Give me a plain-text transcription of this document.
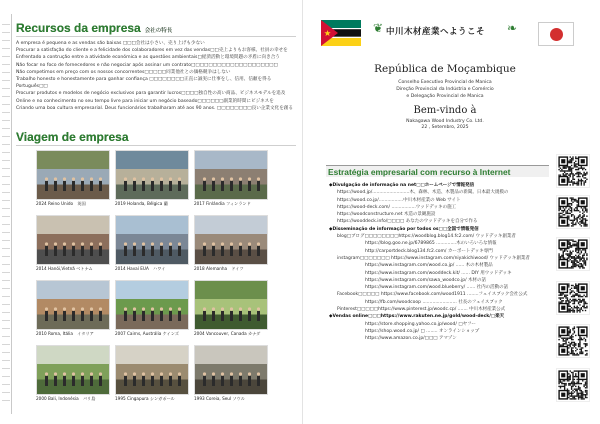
Recursos da empresa 会社の特長
A empresa é pequena e as vendas são baixas □□□会社は小さい、売り上げも少ない
Procurar a satisfação do cliente e a felicidade dos colaboradores em vez das vendas□□売上よりもお客様、社員の幸せを
Enfrentado a contrução entre a atividade económica e as questões ambientais□経済活動と環境問題の矛盾に向き合う
Não focar no foco de fornecedores e não negociar após assinar um contrato□□□□□□□□□□□□□□□□□□□□
Não competimos em preço com os nossos concorrentes□□□□□同業他社との価格競争はしない
Trabalho honesto e honestamente para ganhar confiança □□□□□□□□正直に誠実に仕事をし、信用、信頼を得る
Português□□
Procurar produtos e modelos de negócio exclusivos para garantir lucros□□□□独自性の高い商品、ビジネスモデルを追及
Online e no conhecimento no seu tempo livre para iniciar um negócio baseado□□□□□□副業的時間にビジネスを
Criando uma boa cultura empresarial. Deus funcionários trabalharam até aos 90 anos. □□□□□□□□良い企業文化を創る
Viagem de empresa
2024 Reino Unido　英国	2019 Holanda, Bélgica 蘭	2017 Finlândia フィンランド
2014 Hanói,Vietnã ベトナム	2014 Havaí EUA　ハワイ	2018 Alemanha　ドイツ
2010 Roma, Itália　イタリア	2007 Cairns, Austrália ケインズ	2004 Vancouver, Canada カナダ
2000 Bali, Indonésia　バリ島	1995 Cingapura シンガポール	1993 Coreia, Seul ソウル
❦ 中川木材産業へようこそ ❧
República de Moçambique
Conselho Executivo Provincial de Manica
Direção Provincial da Indústria e Comércio
e Delegação Provincial de Manica
Bem-vindo à
Nakagawa Wood Industry Co. Ltd.
22 , Setembro, 2025
Estratégia empresarial com recurso à Internet
◆Divulgação de informação na net□□ホームページで情報発信
https://wood.jp/..........................木、森林、木造、木製品の新聞。日本最大規模の
https://wood.co.jp/.................中川木材産業の Web サイト
https://wood-deck.com/ .................ウッドデッキの施工
https://woodconstructure.net 木造の景観施設
https://wooddeck.info/□□□□ あなたのウッドデッキを自分で作る
◆Disseminação de informação por todos os□□全国で情報発信
blog□ブログ□□□□□□□□https://woodblog.blog14.fc2.com/ ウッドデッキ創業者
https://blog.goo.ne.jp/6789865 ..............木のいろいろな情報
http://carportdeck.blog134.fc2.com/ カーポートデッキ専門
instagram□□□□□□□ https://www.instagram.com/niyakichiwood/ ウッドデッキ創業者
https://www.instagram.com/wood.co.jp/ ...... 木の木材製品
https://www.instagram.com/wooddeck.kit/ ...... DIY 用ウッドデッキ
https://www.instagram.com/sawa_woodco.jp/ 木材の話
https://www.instagram.com/wood.blueberry/ ...... 社内の活動の話
Facebook□□□□□ https://www.facebook.com/wood1911 ........フェイスブック会社公式
https://fb.com/woodcoop ........................ 社長のフェイスブック
Pinterest□□□□□https://www.pinterest.jp/woodc.cp/ ....... 中川木材産業公式
◆Vendas online□□□https://www.rakuten.ne.jp/gold/wood-deck/□楽天
https://store.shopping.yahoo.co.jp/wood/ □ヤフー
https://shop.wood.co.jp/ □ ........ オンラインショップ
https://www.amazon.co.jp/□□□ アマゾン
